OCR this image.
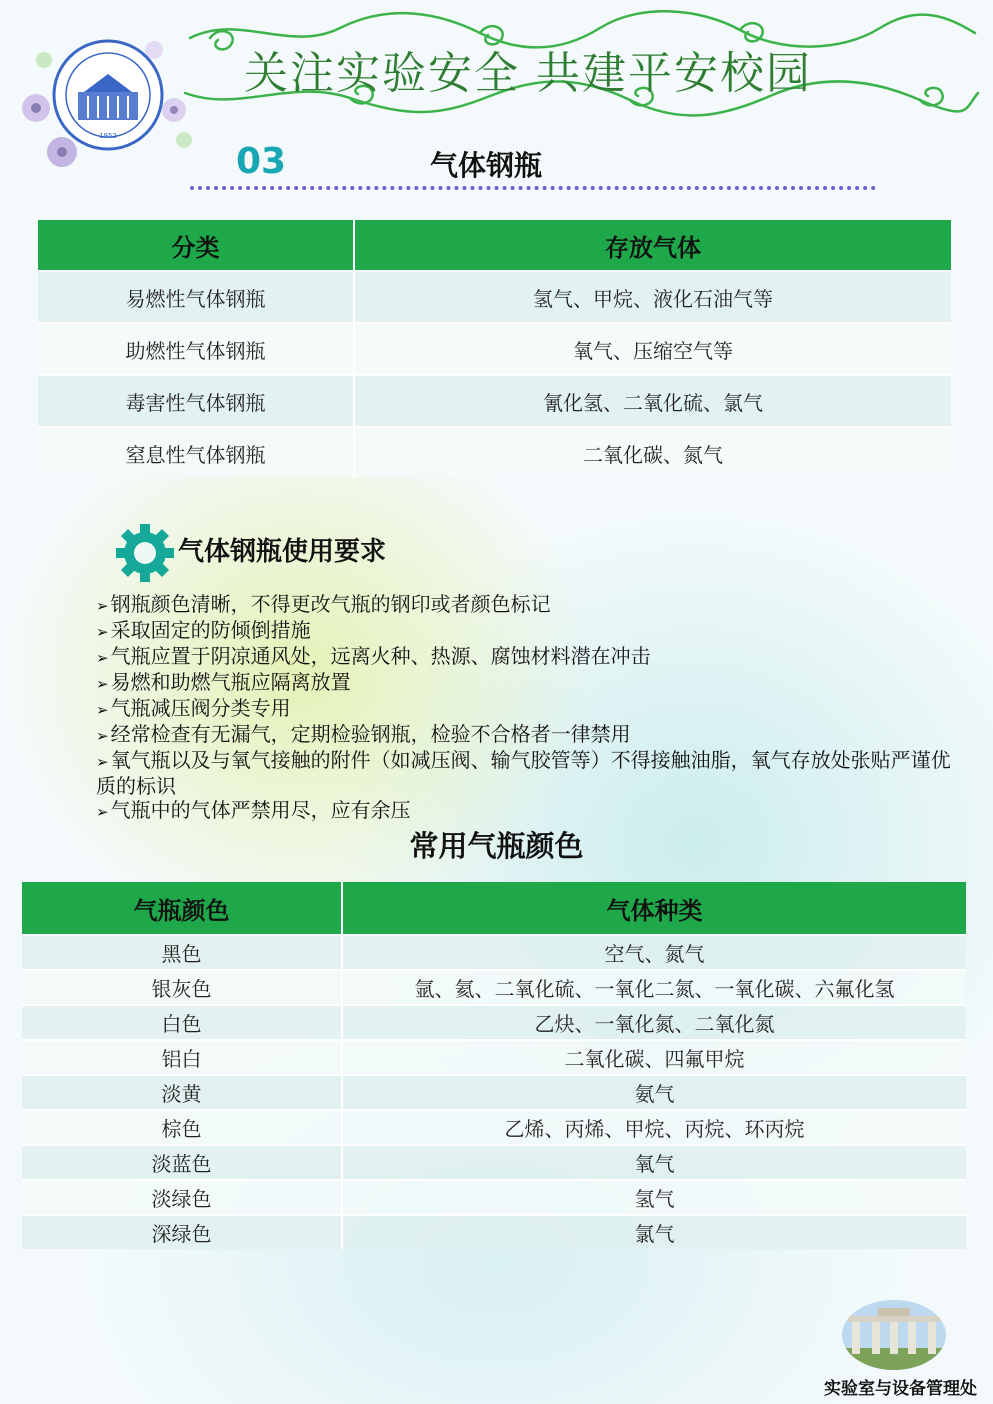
1952
关注实验安全 共建平安校园
03	气体钢瓶
分类	存放气体
易燃性气体钢瓶	氢气、甲烷、液化石油气等
助燃性气体钢瓶	氧气、压缩空气等
毒害性气体钢瓶	氰化氢、二氧化硫、氯气
窒息性气体钢瓶	二氧化碳、氮气
气体钢瓶使用要求
➢ 钢瓶颜色清晰，不得更改气瓶的钢印或者颜色标记
➢ 采取固定的防倾倒措施
➢ 气瓶应置于阴凉通风处，远离火种、热源、腐蚀材料潜在冲击
➢ 易燃和助燃气瓶应隔离放置
➢ 气瓶减压阀分类专用
➢ 经常检查有无漏气，定期检验钢瓶，检验不合格者一律禁用
➢ 氧气瓶以及与氧气接触的附件（如减压阀、输气胶管等）不得接触油脂，氧气存放处张贴严谨优质的标识
➢ 气瓶中的气体严禁用尽，应有余压
常用气瓶颜色
气瓶颜色	气体种类
黑色	空气、氮气
银灰色	氩、氦、二氧化硫、一氧化二氮、一氧化碳、六氟化氢
白色	乙炔、一氧化氮、二氧化氮
铝白	二氧化碳、四氟甲烷
淡黄	氨气
棕色	乙烯、丙烯、甲烷、丙烷、环丙烷
淡蓝色	氧气
淡绿色	氢气
深绿色	氯气
实验室与设备管理处
